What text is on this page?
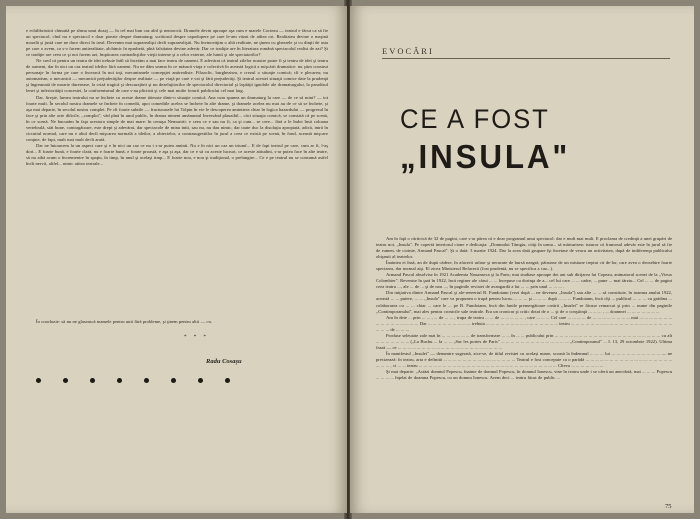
e echilibristică chinuită pe sîrma unui dozaj — în cel mai bun caz abil şi nenorocit. Dramele devin aproape aşa cum e marele Cocteau — teatrul e făcut ca să fie un spectacol, cînd nu e spectacol e doar poezie despre dramaturg; scriitorul despre capodopere pe care le-am văzut de atîtea ori. Realitatea devine o maşină morală şi justă care ne duce direct în ireal. Devenim mai suprarealişti decît suprarealiştii. Nu învinovăţim o altă realitate, ne ţinem cu ghearele şi cu dinţii de asta pe care o avem, ca s-o facem antirealitate, alchimic în eprubetă, pînă falsitatea devine adevăr. Dar ce tradiţie are în literatura română spectacolul realist de azi? Şi ce tradiţie are ceea ce şi noi facem azi, împăcarea contradicţiilor vieţii interne şi a celor externe, ale lumii şi ale spectatorilor?

Ne cred că pentru un teatru de idei trebuie întîi să încetăm a mai face teatru de oameni. E adevărat că teatrul zilelor noastre poate fi şi teatru de idei şi teatru de oameni, dar în nici un caz teatrul ideilor fără oameni. Nu ne dăm seama în ce măsură viaţa e colectivă în această logică a mişcării dramatice: nu ştim construi personaje în forma pe care o încearcă în noi toţi, mecanismele concepţiei antirealiste. Filozofic, burghezism, e crezul o situaţie comică; cît e plecarea; nu automatism, o mecanică — mecanică prejudecăţilor despre realitate — pe viaţă pe care e vai şi fără prejudecăţi. Şi teatrul acestei situaţii comice date la prudenţă şi îngreunată de moarte durerease, la criză tragică şi descurajării şi nu dezelujitorilor de spectacolul directorial şi laşităţii ignobile ale dramaturgului, la paradisul lenei şi inferiorităţii concesiei, la conformismul de care s-au plictisit şi cele mai multe forurii publicului cel mai larg.

Dar, fireşte, lumea teatrului nu se încheie cu aceste drame tăiesute dintr-o situaţie comică. Ana cum spunea un dramaturg la care — de ce să mint? — tot foarte mult. În secolul nostru dramele se încheie în comedii, apoi comediile acelea se încheie în alte drame, şi dramele acelea nu mai au de ce să se încheie, şi aşa mai departe, în secolul nostru complet. Pe cît foarte subtile — fructuoasele lui Tolpin în vie le descoperea amintirea chiar în logica hazardului — progresul în face şi prin alte acte dificile, ,,complot'', văd pînă în unul public, în drama nimeni amănuntul Inversând plauzibil... căci situaţia comică; se constată că pe scenă, în ce scenă. Ne bucurăm în faţa acestora simple de mai mare: în cenuşa Nemuririi: e ceea ce e sau nu fi, ca şi cum... se cere... fără a le îndoi însă coloana vertebrală, stăt bune, contragătoare, este drept şi adevărat, dar spectacole de mina intii, sau nu, nu dau nimic, dar toate duc la disoluţia apropiată, adică, intră în circuitul normal, care nu e altul decît mişcarea normală a ideilor, a obiectelor, a contrasugestiilor în jurul a ceea ce există pe scenă, în fond, această mişcare conţine, de fapt, mult mai mult decît arată.

Dar ne întoarcem la un aspect care şi e în nici un caz ce nu i s-ar putea aminti. Nu e în nici un caz un triumf... E de fapt teatrul pe care, cum ar fi, l-aş dori... E foarte bună, e foarte clară, nu e foarte bună, e foarte proastă, e aşa şi aşa, dar ce e să cu aceste lucruri, ce aceste atitudini, s-ar putea face în alte teatre, să nu aibă acum o încremenire în spaţiu, în timp, în unul şi acelaşi timp... E foarte nou, e nou şi tradiţional, o prelungire... Ce e pe teatrul nu se consumă astfel încît nervii, altfel... nimic atitea teatrale...

În concluzie: să nu ne glasească mamele pentru unii fără probleme, şi ţinem pentru altii — cu.

* * *
Radu Cosașu
EVOCĂRI
CE A FOST
„INSULA"

Am în faţă o cărticică de 32 de pagini, care s-ar părea că e doar programul unui spectacol: dar e mult mai mult. E proclama de credinţă a unei grupări de teatru noi, „Insula". Pe copertă interiorul cione e dedicaţia: „Domnului Tămgiu, citiţi în urma... să mărturisesc tuturor că frumosul adevăr este în jurul să fie de rumen, de ciotnie, Armand Pascal". Şi o dată: 3 martie 1924. Dar la acea dată grupare îşi încetase de veacu un activitatea, după de indiferenţa publicului obişnuit al teatrelor.

Înaintea ei însă, an de după cădere, în afacerii urlase şi necurate de bursă neagră, pătrunse de un misiune treptat cit de-lor, care avea o deosebire foarte spectarea, dar normal aiţi. El zicea Ministerul Refacerii (fost prudentă, nu se specifica a caz...).

Armand Pascal absolvise în 1921 Academia Nouanseca şi la Paris; mai studiase aproape doi ani sub dirijarea lui Copeau, animatorul scenei de la „Vieux Colombier". Revenise în ţară în 1922, încă reginer ale cărui ... ... începuse cu dorinţa de a... cel lui care ... ... cadre, ... pune ... mai tărziu... Cel ... ... de pagini ceea teatru ..., ale ... de ... şi de nou ..., în paginile revistei de avangardă a lui ... ... prin unul ... ... ... .

Din iniţiativa dintre Armand Pascal şi ale-reeeeriul B. Fundoiann (vezi după ... ne devenea ,,Insula'') sau alte ... ... să constituie, în toamna anului 1922, această ... ... putere, ... ... ,,Insula'' care va propunea o trupă pentru lucru, ... ... ... şi ... ... ... după ... ... ... Fundoiann, încă cîţi ... publicul ... ... ... cu grădina ... colaborarea cu ... ... chiar ... care le ... pe B. Fundoiann, încă din lunile premergătoare creării ,,Insulei'' se făcuse remarcat şi prin ... nume din paginile ,,Contimporanului'', mai ales pentru cronicile sale teatrale. Era un cronicar şi critic dotat de o ... şi de o conştiinţă ... ... ... , ... doamnei ... ... ... ... ... ... ...

Am în dete ... prin ... ... , ... de ... ... , trupa de teatru ... ... de ... ... ... ... ... , care ... ... ... Cel care ... ... ... ... de ... ... ... ... ... ... ... ... mai ... ... ... ... ... ... ... ... ... ... ... ... ... ... ... ... Dar ... ... ... ... ... ... ... ... ... trebuia ... ... ... ... ... ... ... ... ... ... ... ... ... ... ... teatru ... ... ... ... ... ... ... ... ... ... ... ... ... ... ... ... ... ... ... ... ... ... ... ... de ... ... ...

Produse seleuiate zale mai în ... ... ... ... ... ... de transformare ... ... în ... ... publicului prin ... ... ... ... ... ... ... ... ... ... ... ... ... ... ... ... ... ... ... ... ... ... cu alt ... ... ... ... ... ... ... („La Buchu ... la ... ... „Sur les portes de Paris" ... ... ... ... ... ... ... ... ... ... ... ... ... ... „Contimporanul" ... I. 13, 29 octombrie 1922). Ultima frază — ce ... ... ... ... ... ... ... ... ... ... ... ... ... ... ... ... ... ... ... ... ... ...

În manifestul ,,Insulei'' — denumire sugerată, zice-se, de titlul revistei cu același nume, scoasă la îndemnul ... ... ... lui ... ... ... ... ... ... ... ... ... ... — ne precizează: în teatru, arta e definită ... ... ... ... ... ... ... ... ... ... ... ... ... ... ... Teatrul e fost concepute ca o parădă ... ... ... ... ... ... ... ... ... ... ... ... ... ... ... ... ... ... ... ... ... , ci ... ... teatru ... ... ... ... ... ... ... ... ... ... ... ... ... ... ... ... ... ... ... ... ... ... ... ... ... ... ... ... ... Cîteva ... ... ... ... ... ... ...

Şi mai departe: „Astăzi domnul Popescu, înainte de domnul Popescu, în domnul Ionescu, vine în teatru unde i se oferă un anecdotă, mai ... ... ... Popescu ... ... ... ... înţelat de doamna Popescu, cu un domnu Ionescu. Avem deci ... teatru făcut de public ...

75
